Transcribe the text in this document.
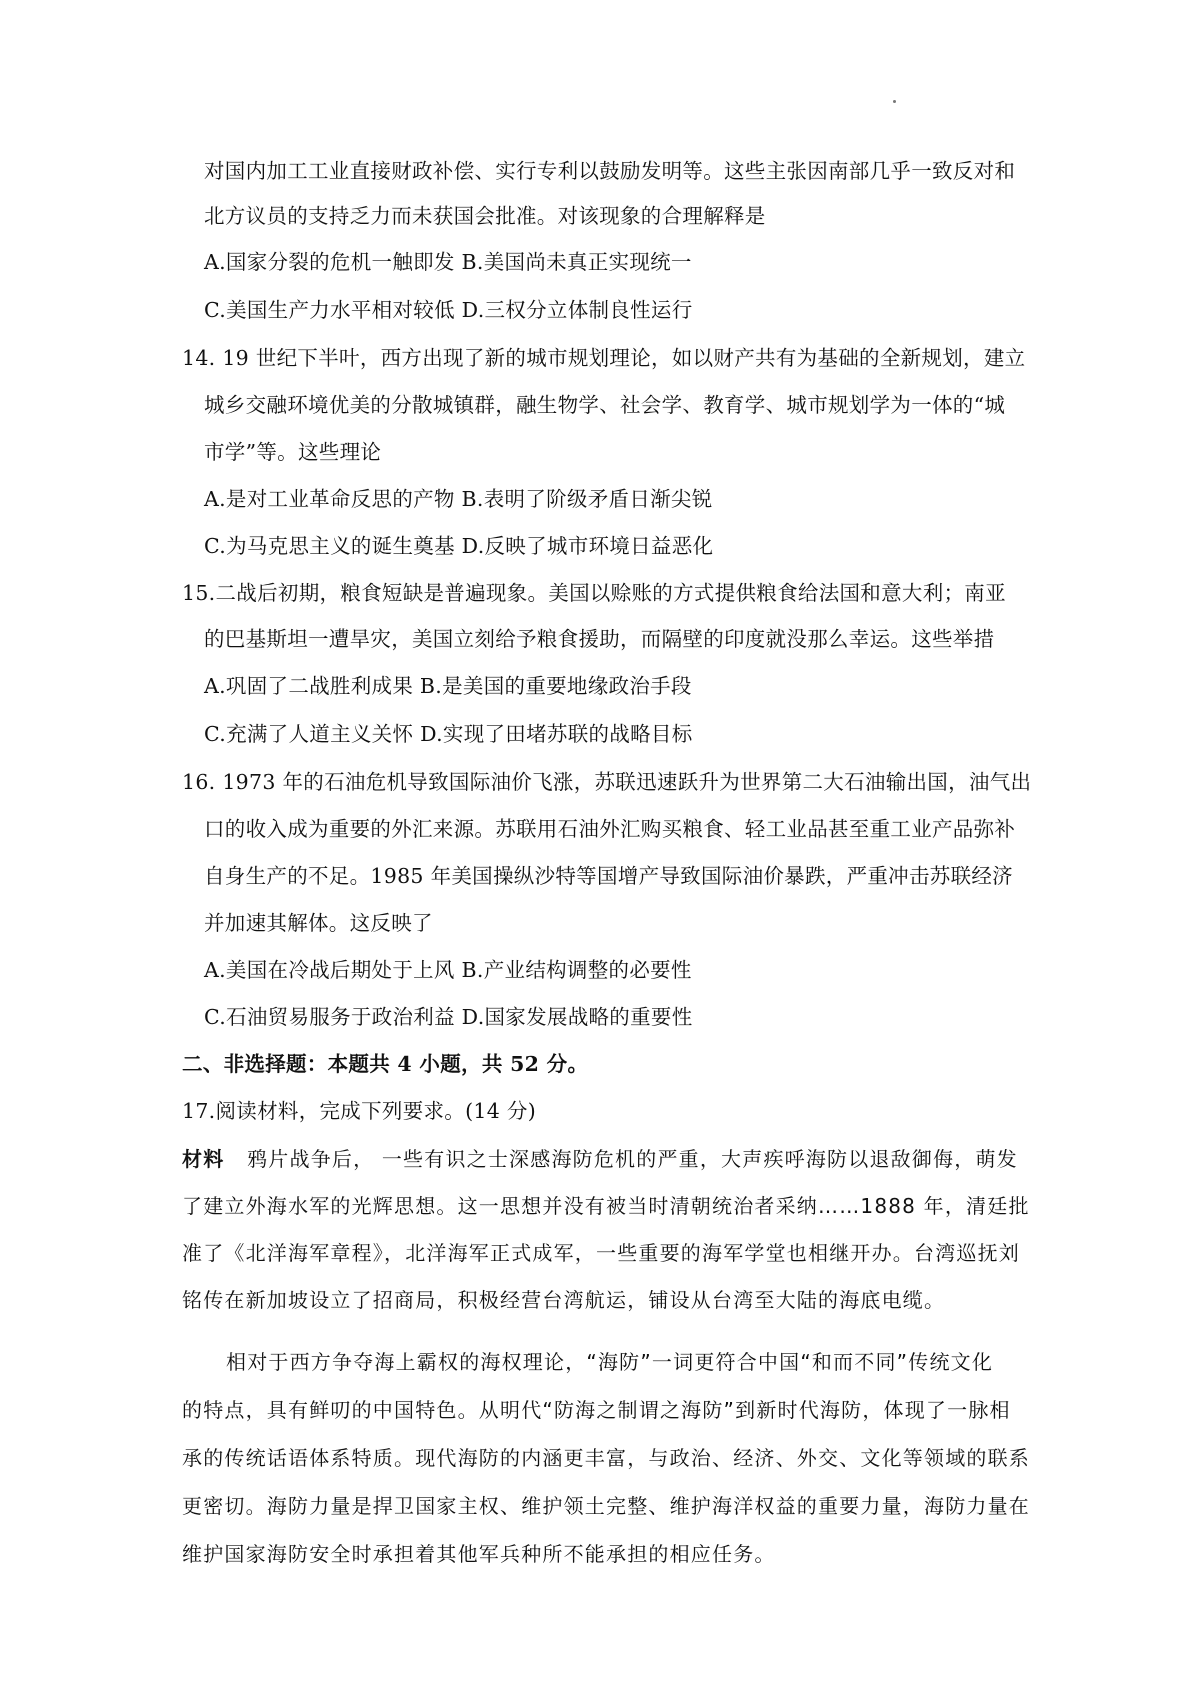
对国内加工工业直接财政补偿、实行专利以鼓励发明等。这些主张因南部几乎一致反对和
北方议员的支持乏力而未获国会批准。对该现象的合理解释是
A.国家分裂的危机一触即发 B.美国尚未真正实现统一
C.美国生产力水平相对较低 D.三权分立体制良性运行
14. 19 世纪下半叶，西方出现了新的城市规划理论，如以财产共有为基础的全新规划，建立
城乡交融环境优美的分散城镇群，融生物学、社会学、教育学、城市规划学为一体的“城
市学”等。这些理论
A.是对工业革命反思的产物 B.表明了阶级矛盾日渐尖锐
C.为马克思主义的诞生奠基 D.反映了城市环境日益恶化
15.二战后初期，粮食短缺是普遍现象。美国以赊账的方式提供粮食给法国和意大利；南亚
的巴基斯坦一遭旱灾，美国立刻给予粮食援助，而隔壁的印度就没那么幸运。这些举措
A.巩固了二战胜利成果 B.是美国的重要地缘政治手段
C.充满了人道主义关怀 D.实现了田堵苏联的战略目标
16. 1973 年的石油危机导致国际油价飞涨，苏联迅速跃升为世界第二大石油输出国，油气出
口的收入成为重要的外汇来源。苏联用石油外汇购买粮食、轻工业品甚至重工业产品弥补
自身生产的不足。1985 年美国操纵沙特等国增产导致国际油价暴跌，严重冲击苏联经济
并加速其解体。这反映了
A.美国在冷战后期处于上风 B.产业结构调整的必要性
C.石油贸易服务于政治利益 D.国家发展战略的重要性
二、非选择题：本题共 4 小题，共 52 分。
17.阅读材料，完成下列要求。(14 分)
材料 鸦片战争后， 一些有识之士深感海防危机的严重，大声疾呼海防以退敌御侮，萌发
了建立外海水军的光辉思想。这一思想并没有被当时清朝统治者采纳……1888 年，清廷批
准了《北洋海军章程》，北洋海军正式成军，一些重要的海军学堂也相继开办。台湾巡抚刘
铭传在新加坡设立了招商局，积极经营台湾航运，铺设从台湾至大陆的海底电缆。
相对于西方争夺海上霸权的海权理论，“海防”一词更符合中国“和而不同”传统文化
的特点，具有鲜叨的中国特色。从明代“防海之制谓之海防”到新时代海防，体现了一脉相
承的传统话语体系特质。现代海防的内涵更丰富，与政治、经济、外交、文化等领域的联系
更密切。海防力量是捍卫国家主权、维护领土完整、维护海洋权益的重要力量，海防力量在
维护国家海防安全时承担着其他军兵种所不能承担的相应任务。
